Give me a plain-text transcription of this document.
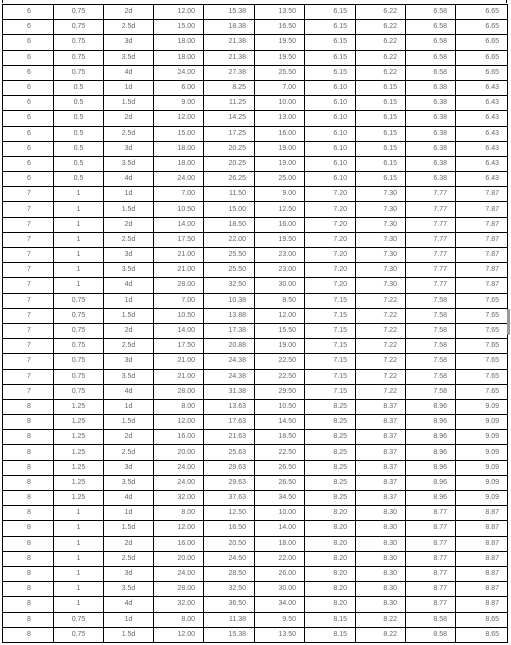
6	0.75	2d	12.00	15.38	13.50	6.15	6.22	6.58	6.65
6	0.75	2.5d	15.00	18.38	16.50	6.15	6.22	6.58	6.65
6	0.75	3d	18.00	21.38	19.50	6.15	6.22	6.58	6.65
6	0.75	3.5d	18.00	21.38	19.50	6.15	6.22	6.58	6.65
6	0.75	4d	24.00	27.38	25.50	6.15	6.22	6.58	6.65
6	0.5	1d	6.00	8.25	7.00	6.10	6.15	6.38	6.43
6	0.5	1.5d	9.00	11.25	10.00	6.10	6.15	6.38	6.43
6	0.5	2d	12.00	14.25	13.00	6.10	6.15	6.38	6.43
6	0.5	2.5d	15.00	17.25	16.00	6.10	6.15	6.38	6.43
6	0.5	3d	18.00	20.25	19.00	6.10	6.15	6.38	6.43
6	0.5	3.5d	18.00	20.25	19.00	6.10	6.15	6.38	6.43
6	0.5	4d	24.00	26.25	25.00	6.10	6.15	6.38	6.43
7	1	1d	7.00	11.50	9.00	7.20	7.30	7.77	7.87
7	1	1.5d	10.50	15.00	12.50	7.20	7.30	7.77	7.87
7	1	2d	14.00	18.50	16.00	7.20	7.30	7.77	7.87
7	1	2.5d	17.50	22.00	19.50	7.20	7.30	7.77	7.87
7	1	3d	21.00	25.50	23.00	7.20	7.30	7.77	7.87
7	1	3.5d	21.00	25.50	23.00	7.20	7.30	7.77	7.87
7	1	4d	28.00	32.50	30.00	7.20	7.30	7.77	7.87
7	0.75	1d	7.00	10.38	8.50	7.15	7.22	7.58	7.65
7	0.75	1.5d	10.50	13.88	12.00	7.15	7.22	7.58	7.65
7	0.75	2d	14.00	17.38	15.50	7.15	7.22	7.58	7.65
7	0.75	2.5d	17.50	20.88	19.00	7.15	7.22	7.58	7.65
7	0.75	3d	21.00	24.38	22.50	7.15	7.22	7.58	7.65
7	0.75	3.5d	21.00	24.38	22.50	7.15	7.22	7.58	7.65
7	0.75	4d	28.00	31.38	29.50	7.15	7.22	7.58	7.65
8	1.25	1d	8.00	13.63	10.50	8.25	8.37	8.96	9.09
8	1.25	1.5d	12.00	17.63	14.50	8.25	8.37	8.96	9.09
8	1.25	2d	16.00	21.63	18.50	8.25	8.37	8.96	9.09
8	1.25	2.5d	20.00	25.63	22.50	8.25	8.37	8.96	9.09
8	1.25	3d	24.00	29.63	26.50	8.25	8.37	8.96	9.09
8	1.25	3.5d	24.00	29.63	26.50	8.25	8.37	8.96	9.09
8	1.25	4d	32.00	37.63	34.50	8.25	8.37	8.96	9.09
8	1	1d	8.00	12.50	10.00	8.20	8.30	8.77	8.87
8	1	1.5d	12.00	16.50	14.00	8.20	8.30	8.77	8.87
8	1	2d	16.00	20.50	18.00	8.20	8.30	8.77	8.87
8	1	2.5d	20.00	24.50	22.00	8.20	8.30	8.77	8.87
8	1	3d	24.00	28.50	26.00	8.20	8.30	8.77	8.87
8	1	3.5d	28.00	32.50	30.00	8.20	8.30	8.77	8.87
8	1	4d	32.00	36.50	34.00	8.20	8.30	8.77	8.87
8	0.75	1d	8.00	11.38	9.50	8.15	8.22	8.58	8.65
8	0.75	1.5d	12.00	15.38	13.50	8.15	8.22	8.58	8.65
